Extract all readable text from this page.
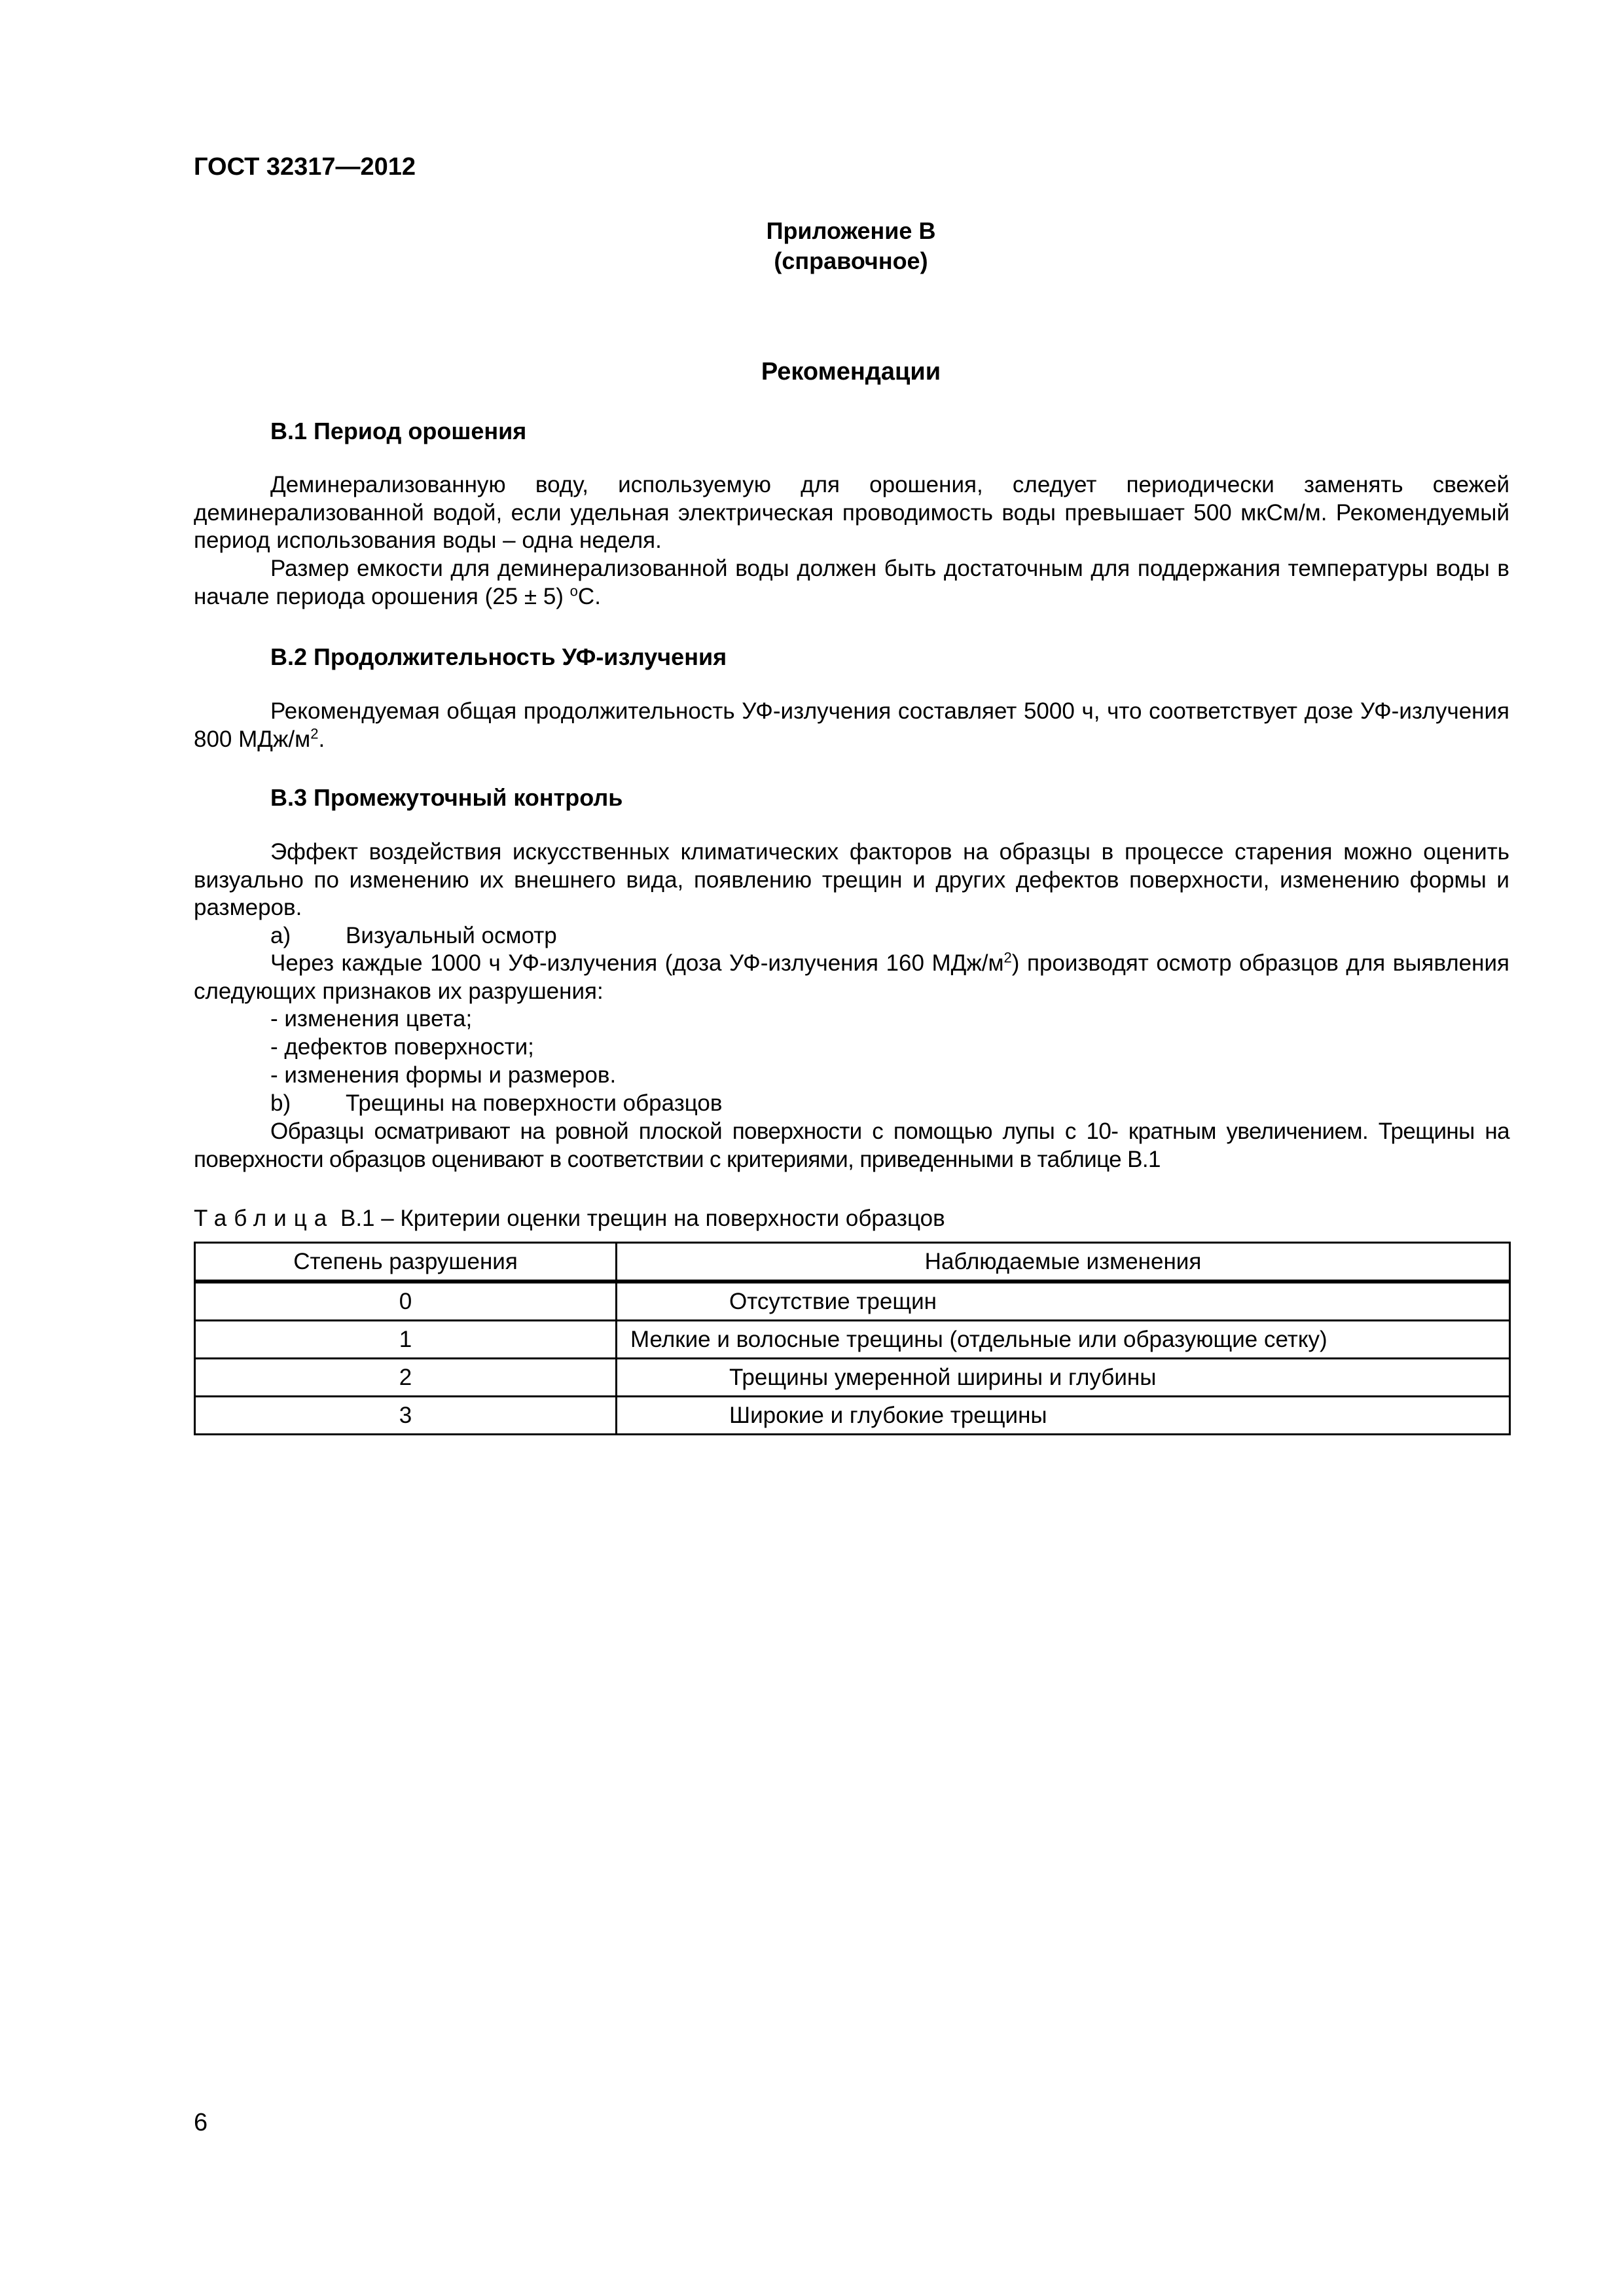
ГОСТ 32317—2012
Приложение В
(справочное)
Рекомендации
В.1 Период орошения

Деминерализованную воду, используемую для орошения, следует периодически заменять свежей деминерализованной водой, если удельная электрическая проводимость воды превышает 500 мкСм/м. Рекомендуемый период использования воды – одна неделя.

Размер емкости для деминерализованной воды должен быть достаточным для поддержания температуры воды в начале периода орошения (25 ± 5) $^o$С.

В.2 Продолжительность УФ-излучения

Рекомендуемая общая продолжительность УФ-излучения составляет 5000 ч, что соответствует дозе УФ-излучения 800 МДж/$м^2$.

В.3 Промежуточный контроль

Эффект воздействия искусственных климатических факторов на образцы в процессе старения можно оценить визуально по изменению их внешнего вида, появлению трещин и других дефектов поверхности, изменению формы и размеров.

a) Визуальный осмотр

Через каждые 1000 ч УФ-излучения (доза УФ-излучения 160 МДж/$м^2$) производят осмотр образцов для выявления следующих признаков их разрушения:

- изменения цвета;
- дефектов поверхности;
- изменения формы и размеров.
b) Трещины на поверхности образцов

Образцы осматривают на ровной плоской поверхности с помощью лупы с 10- кратным увеличением. Трещины на поверхности образцов оценивают в соответствии с критериями, приведенными в таблице В.1

Таблица В.1 – Критерии оценки трещин на поверхности образцов
Степень разрушения	Наблюдаемые изменения
0	Отсутствие трещин
1	Мелкие и волосные трещины (отдельные или образующие сетку)
2	Трещины умеренной ширины и глубины
3	Широкие и глубокие трещины
6
